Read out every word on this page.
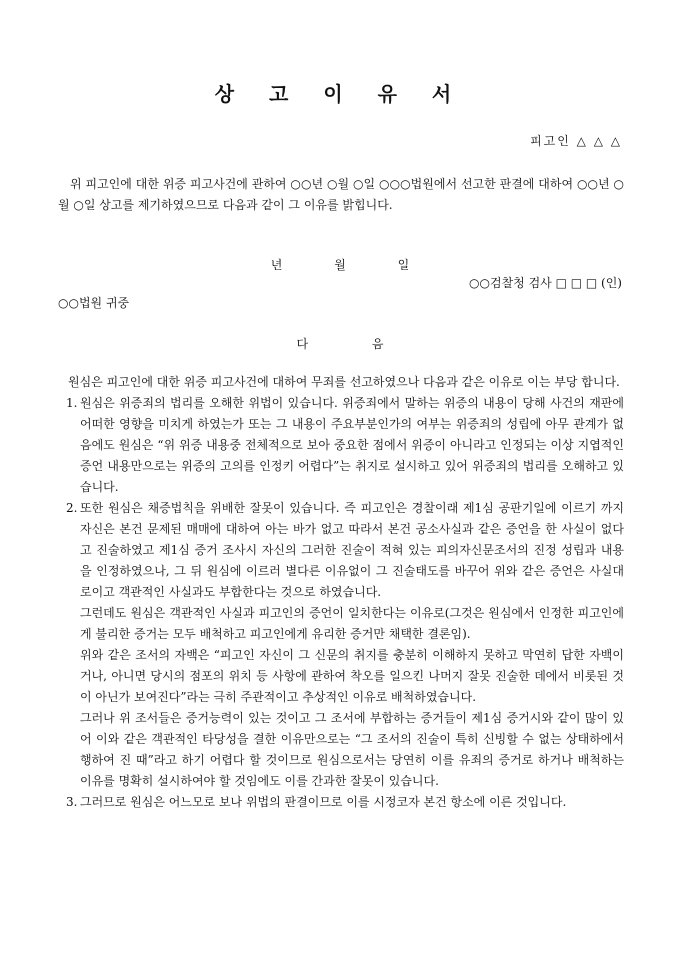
상 고 이 유 서
피고인 △ △ △
위 피고인에 대한 위증 피고사건에 관하여 ○○년 ○월 ○일 ○○○법원에서 선고한 판결에 대하여 ○○년 ○월 ○일 상고를 제기하였으므로 다음과 같이 그 이유를 밝힙니다.
년	월	일
○○검찰청 검사 □ □ □ (인)
○○법원 귀중
다	음

원심은 피고인에 대한 위증 피고사건에 대하여 무죄를 선고하였으나 다음과 같은 이유로 이는 부당 합니다.

1. 원심은 위증죄의 법리를 오해한 위법이 있습니다. 위증죄에서 말하는 위증의 내용이 당해 사건의 재판에 어떠한 영향을 미치게 하였는가 또는 그 내용이 주요부분인가의 여부는 위증죄의 성립에 아무 관계가 없음에도 원심은 “위 위증 내용중 전체적으로 보아 중요한 점에서 위증이 아니라고 인정되는 이상 지엽적인 증언 내용만으로는 위증의 고의를 인정키 어렵다”는 취지로 설시하고 있어 위증죄의 법리를 오해하고 있습니다.

2. 또한 원심은 채증법칙을 위배한 잘못이 있습니다. 즉 피고인은 경찰이래 제1심 공판기일에 이르기 까지 자신은 본건 문제된 매매에 대하여 아는 바가 없고 따라서 본건 공소사실과 같은 증언을 한 사실이 없다고 진술하였고 제1심 증거 조사시 자신의 그러한 진술이 적혀 있는 피의자신문조서의 진정 성립과 내용을 인정하였으나, 그 뒤 원심에 이르러 별다른 이유없이 그 진술태도를 바꾸어 위와 같은 증언은 사실대로이고 객관적인 사실과도 부합한다는 것으로 하였습니다.

그런데도 원심은 객관적인 사실과 피고인의 증언이 일치한다는 이유로(그것은 원심에서 인정한 피고인에게 불리한 증거는 모두 배척하고 피고인에게 유리한 증거만 채택한 결론임).

위와 같은 조서의 자백은 “피고인 자신이 그 신문의 취지를 충분히 이해하지 못하고 막연히 답한 자백이거나, 아니면 당시의 점포의 위치 등 사항에 관하여 착오를 일으킨 나머지 잘못 진술한 데에서 비롯된 것이 아닌가 보여진다”라는 극히 주관적이고 추상적인 이유로 배척하였습니다.

그러나 위 조서들은 증거능력이 있는 것이고 그 조서에 부합하는 증거들이 제1심 증거시와 같이 많이 있어 이와 같은 객관적인 타당성을 결한 이유만으로는 “그 조서의 진술이 특히 신빙할 수 없는 상태하에서 행하여 진 때”라고 하기 어렵다 할 것이므로 원심으로서는 당연히 이를 유죄의 증거로 하거나 배척하는 이유를 명확히 설시하여야 할 것임에도 이를 간과한 잘못이 있습니다.

3. 그러므로 원심은 어느모로 보나 위법의 판결이므로 이를 시정코자 본건 항소에 이른 것입니다.
